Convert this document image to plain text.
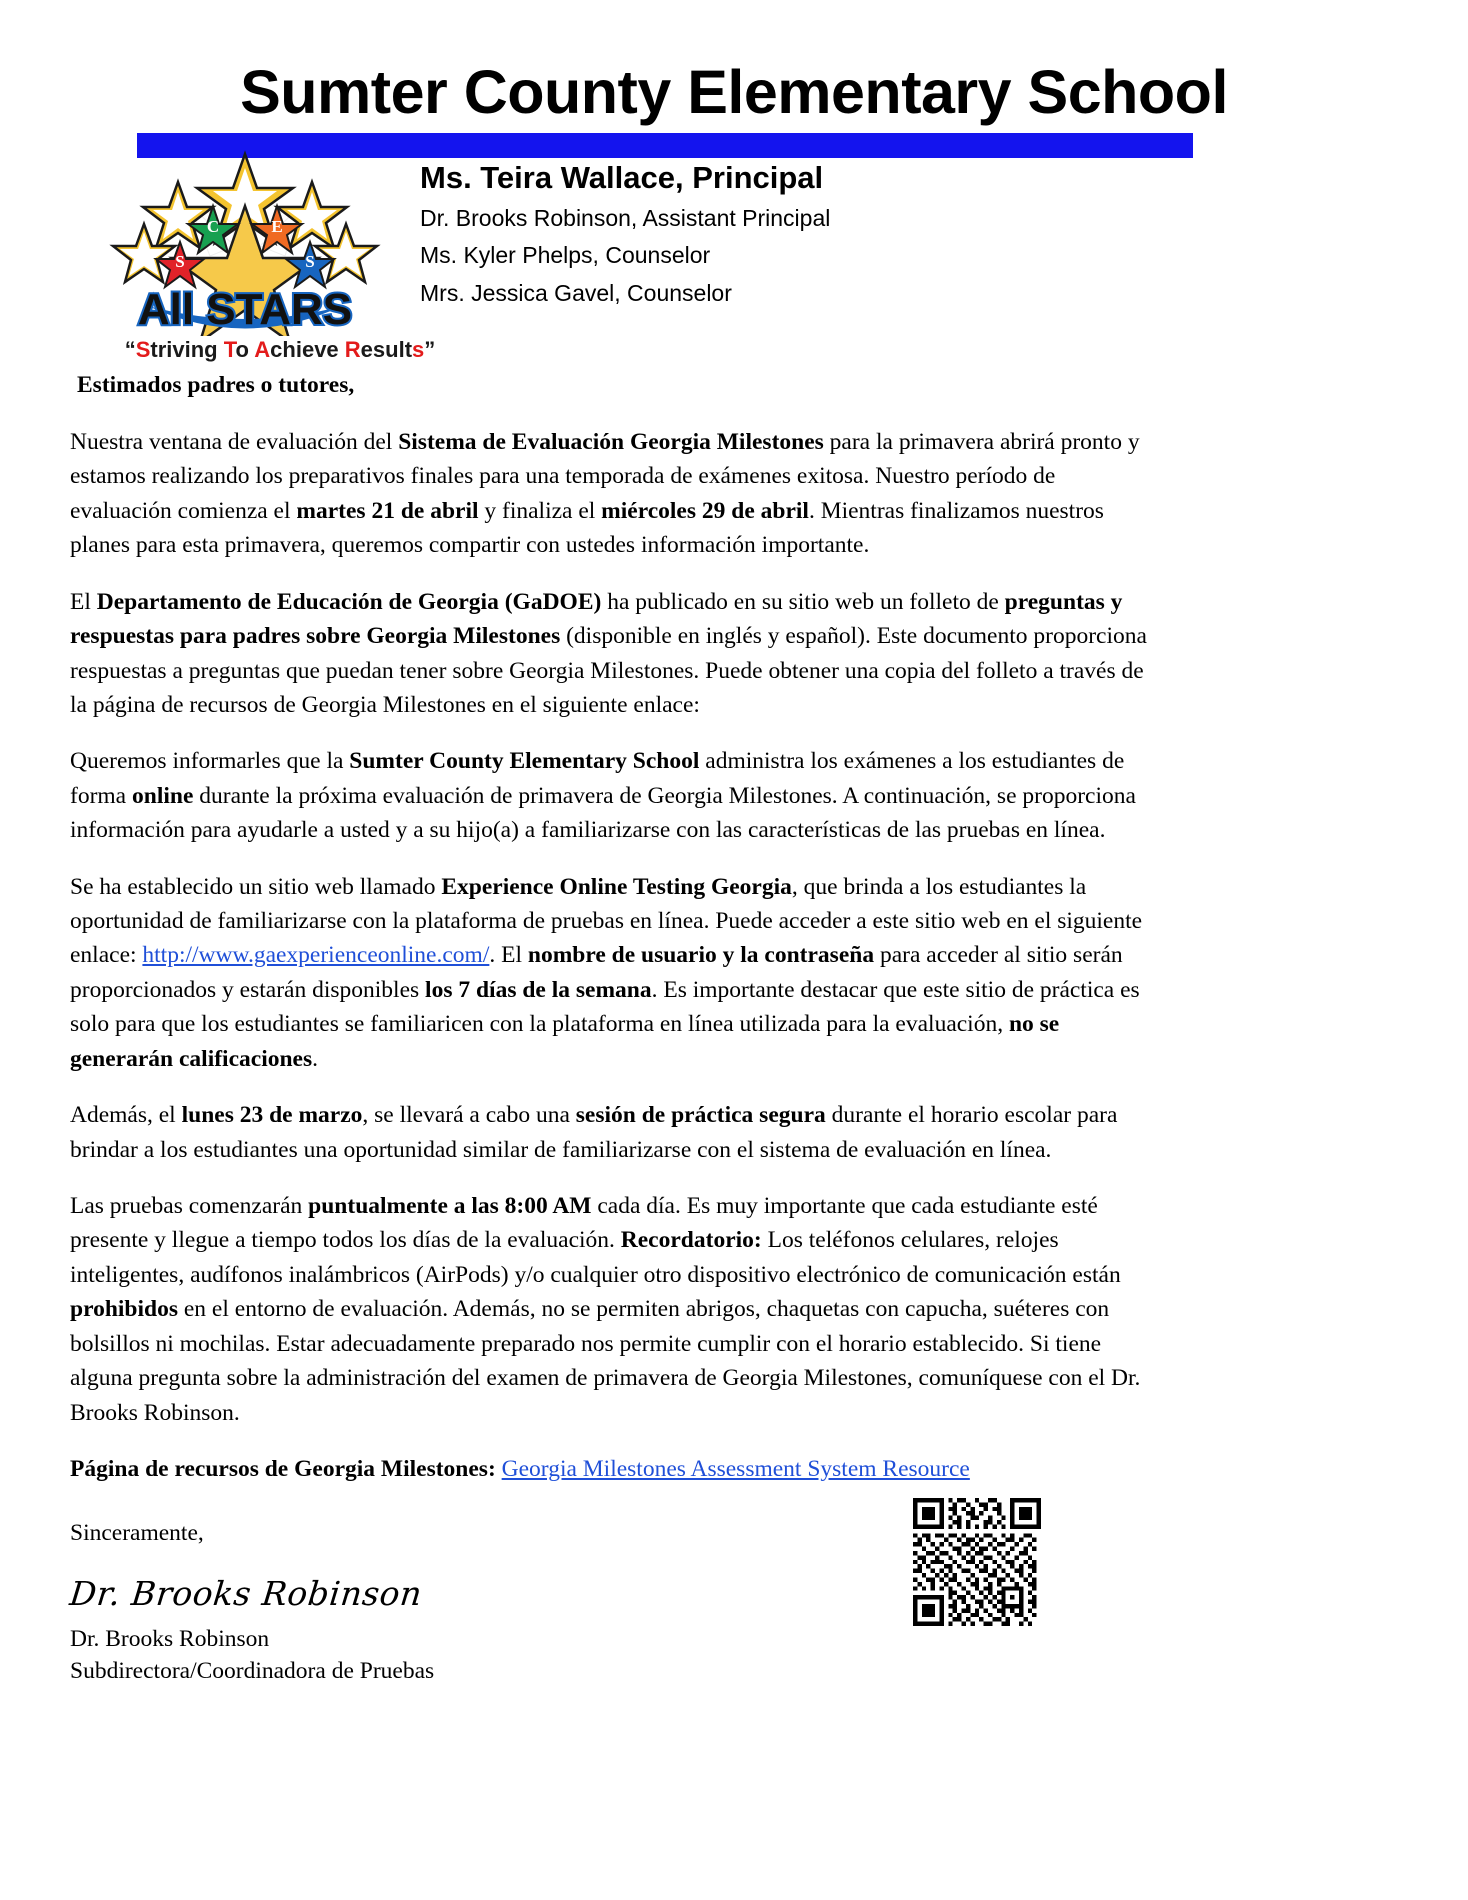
Sumter County Elementary School
C	E
S	S
All STARS
“Striving To Achieve Results”
Ms. Teira Wallace, Principal
Dr. Brooks Robinson, Assistant Principal
Ms. Kyler Phelps, Counselor
Mrs. Jessica Gavel, Counselor
Estimados padres o tutores,

Nuestra ventana de evaluación del Sistema de Evaluación Georgia Milestones para la primavera abrirá pronto y estamos realizando los preparativos finales para una temporada de exámenes exitosa. Nuestro período de evaluación comienza el martes 21 de abril y finaliza el miércoles 29 de abril. Mientras finalizamos nuestros planes para esta primavera, queremos compartir con ustedes información importante.

El Departamento de Educación de Georgia (GaDOE) ha publicado en su sitio web un folleto de preguntas y respuestas para padres sobre Georgia Milestones (disponible en inglés y español). Este documento proporciona respuestas a preguntas que puedan tener sobre Georgia Milestones. Puede obtener una copia del folleto a través de la página de recursos de Georgia Milestones en el siguiente enlace:

Queremos informarles que la Sumter County Elementary School administra los exámenes a los estudiantes de forma online durante la próxima evaluación de primavera de Georgia Milestones. A continuación, se proporciona información para ayudarle a usted y a su hijo(a) a familiarizarse con las características de las pruebas en línea.

Se ha establecido un sitio web llamado Experience Online Testing Georgia, que brinda a los estudiantes la oportunidad de familiarizarse con la plataforma de pruebas en línea. Puede acceder a este sitio web en el siguiente enlace: http://www.gaexperienceonline.com/. El nombre de usuario y la contraseña para acceder al sitio serán proporcionados y estarán disponibles los 7 días de la semana. Es importante destacar que este sitio de práctica es solo para que los estudiantes se familiaricen con la plataforma en línea utilizada para la evaluación, no se generarán calificaciones.

Además, el lunes 23 de marzo, se llevará a cabo una sesión de práctica segura durante el horario escolar para brindar a los estudiantes una oportunidad similar de familiarizarse con el sistema de evaluación en línea.

Las pruebas comenzarán puntualmente a las 8:00 AM cada día. Es muy importante que cada estudiante esté presente y llegue a tiempo todos los días de la evaluación. Recordatorio: Los teléfonos celulares, relojes inteligentes, audífonos inalámbricos (AirPods) y/o cualquier otro dispositivo electrónico de comunicación están prohibidos en el entorno de evaluación. Además, no se permiten abrigos, chaquetas con capucha, suéteres con bolsillos ni mochilas. Estar adecuadamente preparado nos permite cumplir con el horario establecido. Si tiene alguna pregunta sobre la administración del examen de primavera de Georgia Milestones, comuníquese con el Dr. Brooks Robinson.

Página de recursos de Georgia Milestones: Georgia Milestones Assessment System Resource
Sinceramente,
Dr. Brooks Robinson
Dr. Brooks Robinson
Subdirectora/Coordinadora de Pruebas
